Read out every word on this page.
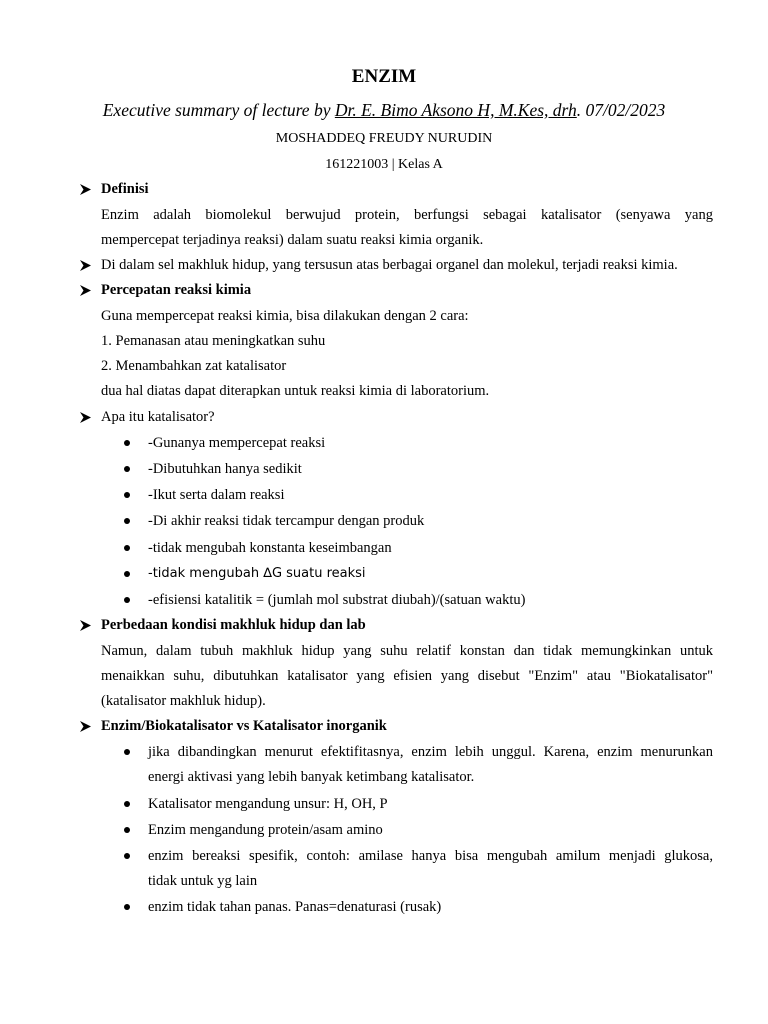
ENZIM
Executive summary of lecture by Dr. E. Bimo Aksono H, M.Kes, drh. 07/02/2023
MOSHADDEQ FREUDY NURUDIN
161221003 | Kelas A
Definisi
Enzim adalah biomolekul berwujud protein, berfungsi sebagai katalisator (senyawa yang
mempercepat terjadinya reaksi) dalam suatu reaksi kimia organik.
Di dalam sel makhluk hidup, yang tersusun atas berbagai organel dan molekul, terjadi reaksi kimia.
Percepatan reaksi kimia
Guna mempercepat reaksi kimia, bisa dilakukan dengan 2 cara:
1. Pemanasan atau meningkatkan suhu
2. Menambahkan zat katalisator
dua hal diatas dapat diterapkan untuk reaksi kimia di laboratorium.
Apa itu katalisator?
-Gunanya mempercepat reaksi
-Dibutuhkan hanya sedikit
-Ikut serta dalam reaksi
-Di akhir reaksi tidak tercampur dengan produk
-tidak mengubah konstanta keseimbangan
-tidak mengubah ∆G suatu reaksi
-efisiensi katalitik = (jumlah mol substrat diubah)/(satuan waktu)
Perbedaan kondisi makhluk hidup dan lab
Namun, dalam tubuh makhluk hidup yang suhu relatif konstan dan tidak memungkinkan untuk
menaikkan suhu, dibutuhkan katalisator yang efisien yang disebut "Enzim" atau "Biokatalisator"
(katalisator makhluk hidup).
Enzim/Biokatalisator vs Katalisator inorganik
jika dibandingkan menurut efektifitasnya, enzim lebih unggul. Karena, enzim menurunkan
energi aktivasi yang lebih banyak ketimbang katalisator.
Katalisator mengandung unsur: H, OH, P
Enzim mengandung protein/asam amino
enzim bereaksi spesifik, contoh: amilase hanya bisa mengubah amilum menjadi glukosa,
tidak untuk yg lain
enzim tidak tahan panas. Panas=denaturasi (rusak)
